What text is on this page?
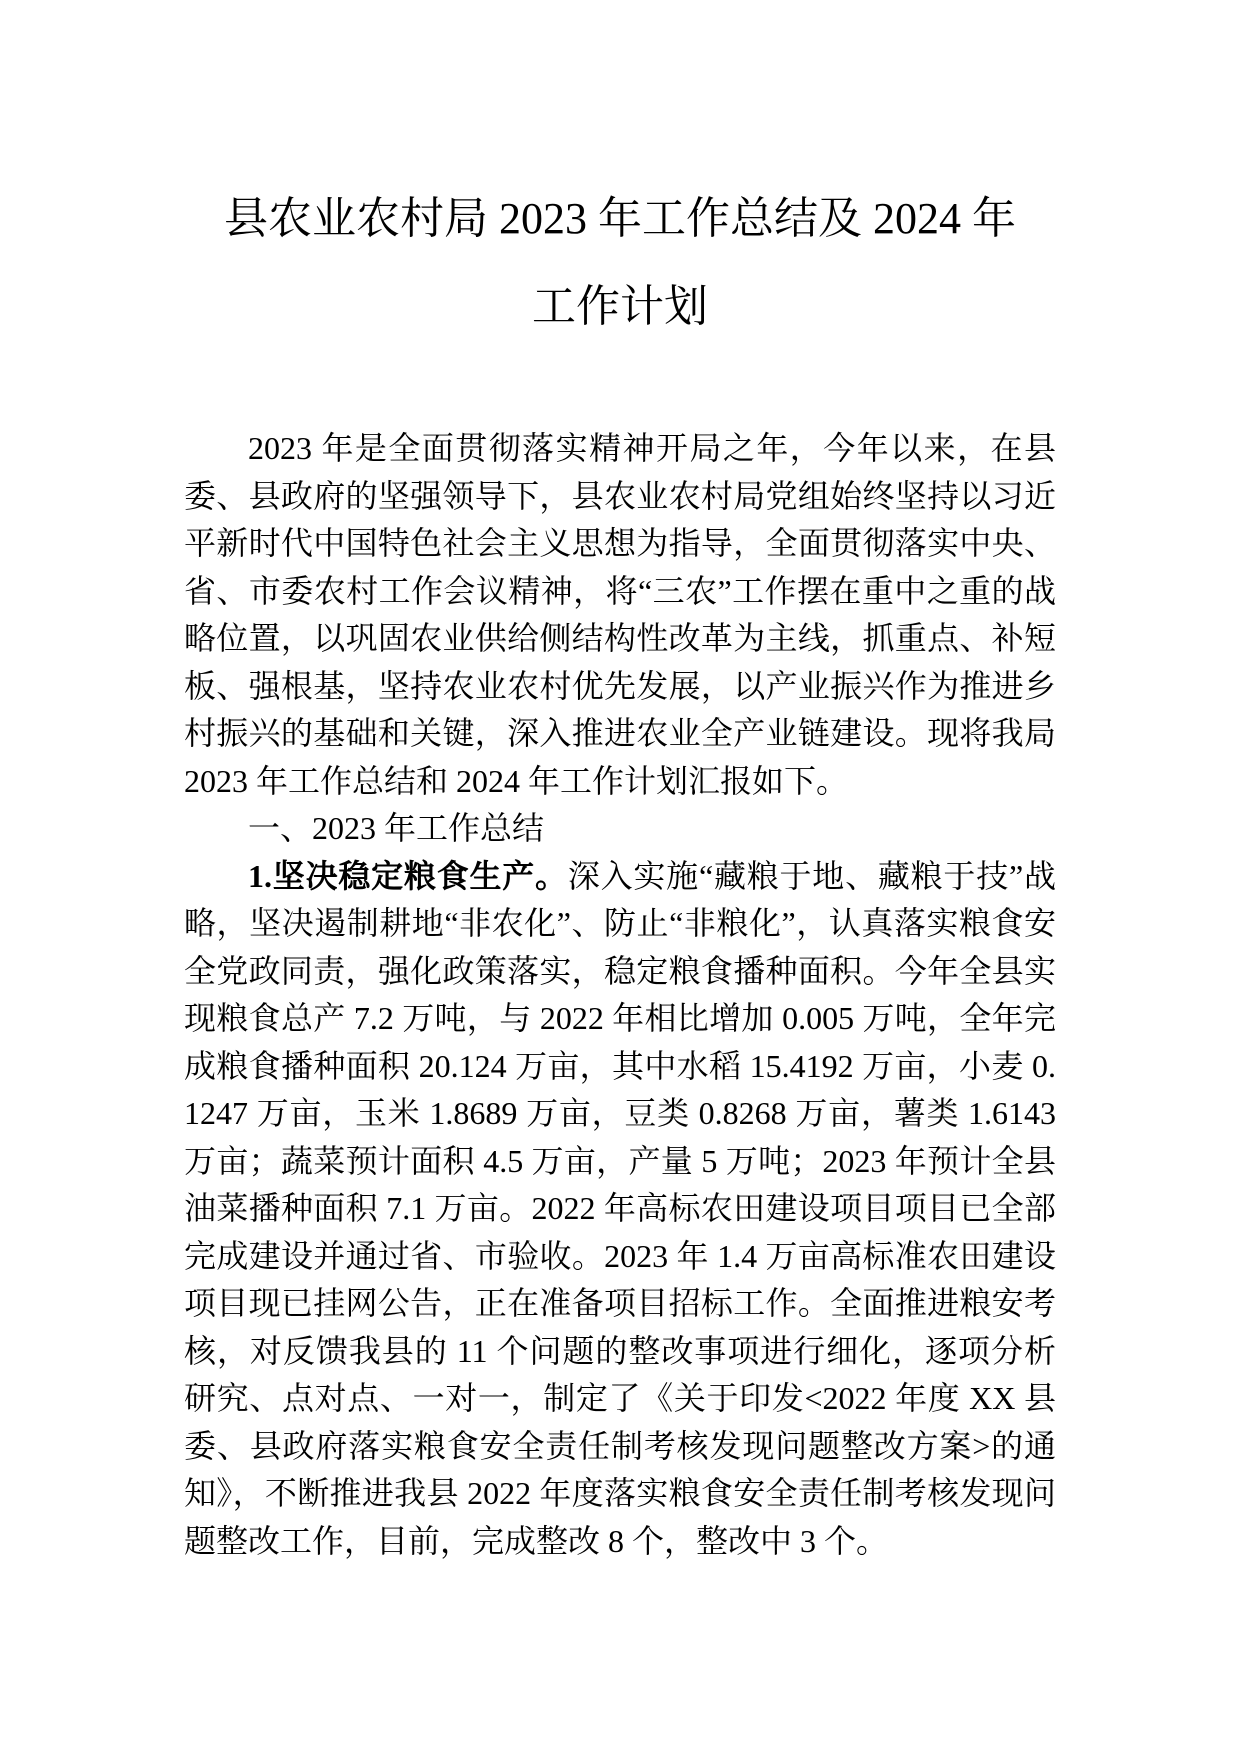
县农业农村局 2023 年工作总结及 2024 年
工作计划

2023 年是全面贯彻落实精神开局之年，今年以来，在县委、县政府的坚强领导下，县农业农村局党组始终坚持以习近平新时代中国特色社会主义思想为指导，全面贯彻落实中央、省、市委农村工作会议精神，将“三农”工作摆在重中之重的战略位置，以巩固农业供给侧结构性改革为主线，抓重点、补短板、强根基，坚持农业农村优先发展，以产业振兴作为推进乡村振兴的基础和关键，深入推进农业全产业链建设。现将我局 2023 年工作总结和 2024 年工作计划汇报如下。

一、2023 年工作总结

1.坚决稳定粮食生产。深入实施“藏粮于地、藏粮于技”战略，坚决遏制耕地“非农化”、防止“非粮化”，认真落实粮食安全党政同责，强化政策落实，稳定粮食播种面积。今年全县实现粮食总产 7.2 万吨，与 2022 年相比增加 0.005 万吨，全年完成粮食播种面积 20.124 万亩，其中水稻 15.4192 万亩，小麦 0.1247 万亩，玉米 1.8689 万亩，豆类 0.8268 万亩，薯类 1.6143 万亩；蔬菜预计面积 4.5 万亩，产量 5 万吨；2023 年预计全县油菜播种面积 7.1 万亩。2022 年高标农田建设项目项目已全部完成建设并通过省、市验收。2023 年 1.4 万亩高标准农田建设项目现已挂网公告，正在准备项目招标工作。全面推进粮安考核，对反馈我县的 11 个问题的整改事项进行细化，逐项分析研究、点对点、一对一，制定了《关于印发<2022 年度 XX 县委、县政府落实粮食安全责任制考核发现问题整改方案>的通知》，不断推进我县 2022 年度落实粮食安全责任制考核发现问题整改工作，目前，完成整改 8 个，整改中 3 个。
